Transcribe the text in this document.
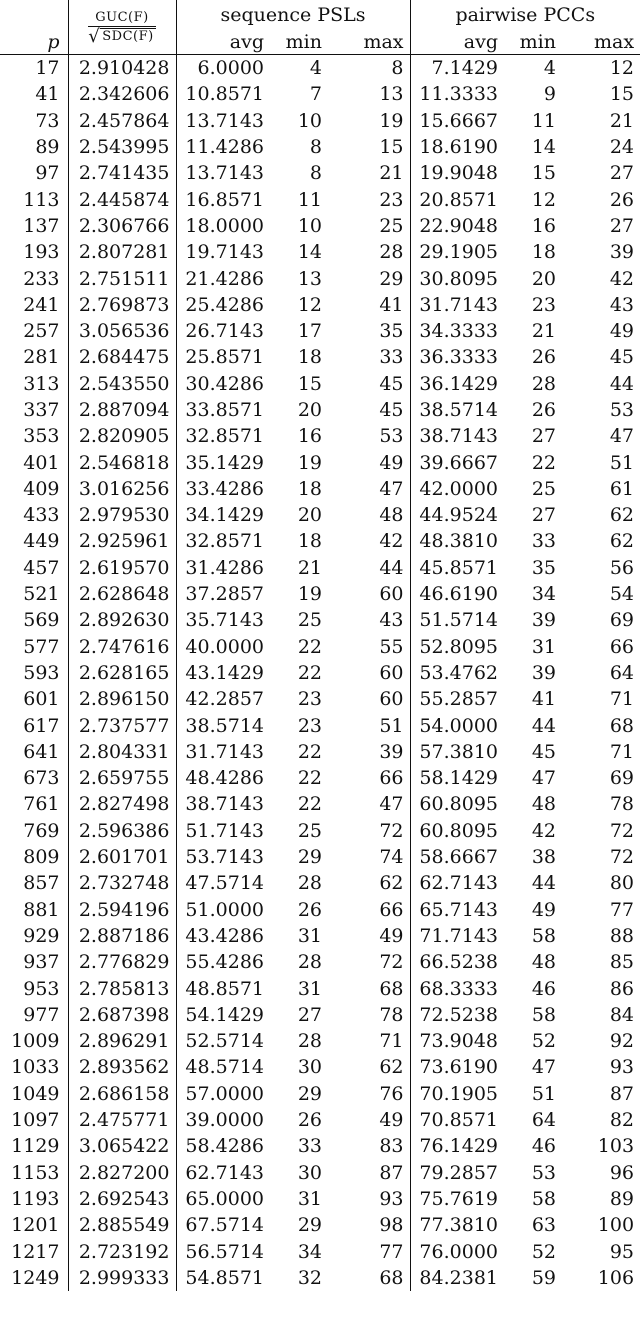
	$\frac{\text{GUC(F)}}{\text{√ SDC(F)}}$	sequence PSLs			pairwise PCCs		
p		avg	min	max	avg	min	max
17	2.910428	6.0000	4	8	7.1429	4	12
41	2.342606	10.8571	7	13	11.3333	9	15
73	2.457864	13.7143	10	19	15.6667	11	21
89	2.543995	11.4286	8	15	18.6190	14	24
97	2.741435	13.7143	8	21	19.9048	15	27
113	2.445874	16.8571	11	23	20.8571	12	26
137	2.306766	18.0000	10	25	22.9048	16	27
193	2.807281	19.7143	14	28	29.1905	18	39
233	2.751511	21.4286	13	29	30.8095	20	42
241	2.769873	25.4286	12	41	31.7143	23	43
257	3.056536	26.7143	17	35	34.3333	21	49
281	2.684475	25.8571	18	33	36.3333	26	45
313	2.543550	30.4286	15	45	36.1429	28	44
337	2.887094	33.8571	20	45	38.5714	26	53
353	2.820905	32.8571	16	53	38.7143	27	47
401	2.546818	35.1429	19	49	39.6667	22	51
409	3.016256	33.4286	18	47	42.0000	25	61
433	2.979530	34.1429	20	48	44.9524	27	62
449	2.925961	32.8571	18	42	48.3810	33	62
457	2.619570	31.4286	21	44	45.8571	35	56
521	2.628648	37.2857	19	60	46.6190	34	54
569	2.892630	35.7143	25	43	51.5714	39	69
577	2.747616	40.0000	22	55	52.8095	31	66
593	2.628165	43.1429	22	60	53.4762	39	64
601	2.896150	42.2857	23	60	55.2857	41	71
617	2.737577	38.5714	23	51	54.0000	44	68
641	2.804331	31.7143	22	39	57.3810	45	71
673	2.659755	48.4286	22	66	58.1429	47	69
761	2.827498	38.7143	22	47	60.8095	48	78
769	2.596386	51.7143	25	72	60.8095	42	72
809	2.601701	53.7143	29	74	58.6667	38	72
857	2.732748	47.5714	28	62	62.7143	44	80
881	2.594196	51.0000	26	66	65.7143	49	77
929	2.887186	43.4286	31	49	71.7143	58	88
937	2.776829	55.4286	28	72	66.5238	48	85
953	2.785813	48.8571	31	68	68.3333	46	86
977	2.687398	54.1429	27	78	72.5238	58	84
1009	2.896291	52.5714	28	71	73.9048	52	92
1033	2.893562	48.5714	30	62	73.6190	47	93
1049	2.686158	57.0000	29	76	70.1905	51	87
1097	2.475771	39.0000	26	49	70.8571	64	82
1129	3.065422	58.4286	33	83	76.1429	46	103
1153	2.827200	62.7143	30	87	79.2857	53	96
1193	2.692543	65.0000	31	93	75.7619	58	89
1201	2.885549	67.5714	29	98	77.3810	63	100
1217	2.723192	56.5714	34	77	76.0000	52	95
1249	2.999333	54.8571	32	68	84.2381	59	106
